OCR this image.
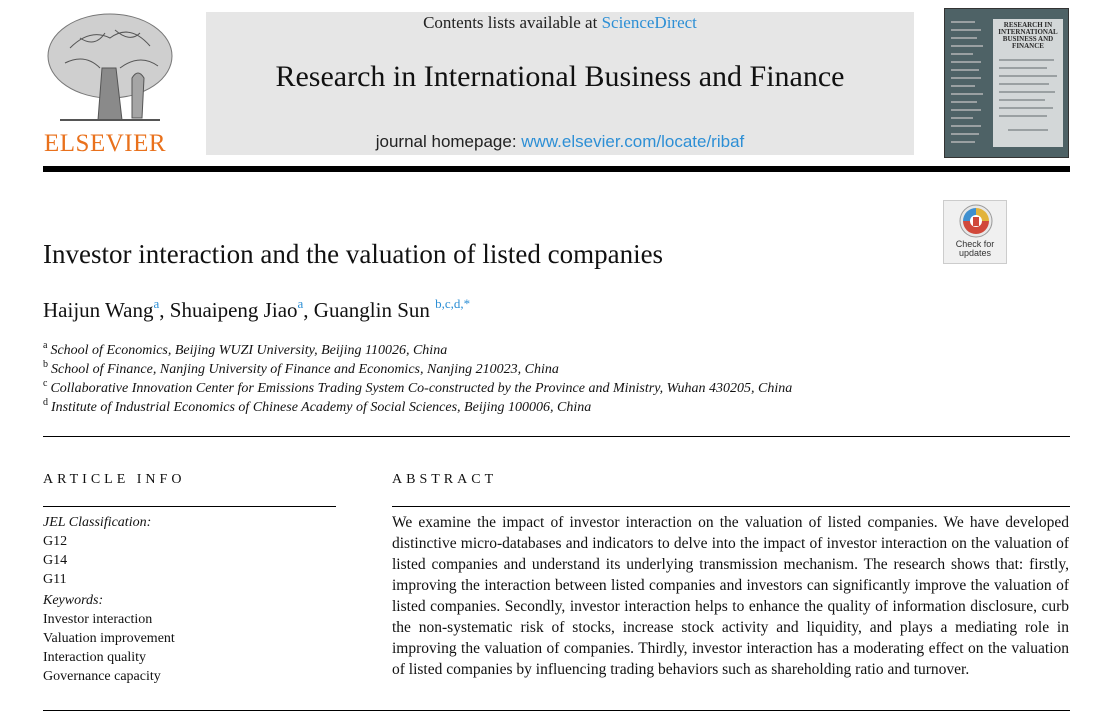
ELSEVIER
Contents lists available at ScienceDirect
Research in International Business and Finance
journal homepage: www.elsevier.com/locate/ribaf
RESEARCH IN INTERNATIONAL BUSINESS AND FINANCE
Investor interaction and the valuation of listed companies	Check for
updates
Haijun Wang$^a$, Shuaipeng Jiao$^a$, Guanglin Sun $^{b,c,d,*}$
$^a$ School of Economics, Beijing WUZI University, Beijing 110026, China
$^b$ School of Finance, Nanjing University of Finance and Economics, Nanjing 210023, China
$^c$ Collaborative Innovation Center for Emissions Trading System Co-constructed by the Province and Ministry, Wuhan 430205, China
$^d$ Institute of Industrial Economics of Chinese Academy of Social Sciences, Beijing 100006, China
ARTICLE INFO
JEL Classification:
G12
G14
G11
Keywords:
Investor interaction
Valuation improvement
Interaction quality
Governance capacity
ABSTRACT
We examine the impact of investor interaction on the valuation of listed companies. We have developed distinctive micro-databases and indicators to delve into the impact of investor interaction on the valuation of listed companies and understand its underlying transmission mechanism. The research shows that: firstly, improving the interaction between listed companies and investors can significantly improve the valuation of listed companies. Secondly, investor interaction helps to enhance the quality of information disclosure, curb the non-systematic risk of stocks, increase stock activity and liquidity, and plays a mediating role in improving the valuation of companies. Thirdly, investor interaction has a moderating effect on the valuation of listed companies by influencing trading behaviors such as shareholding ratio and turnover.
